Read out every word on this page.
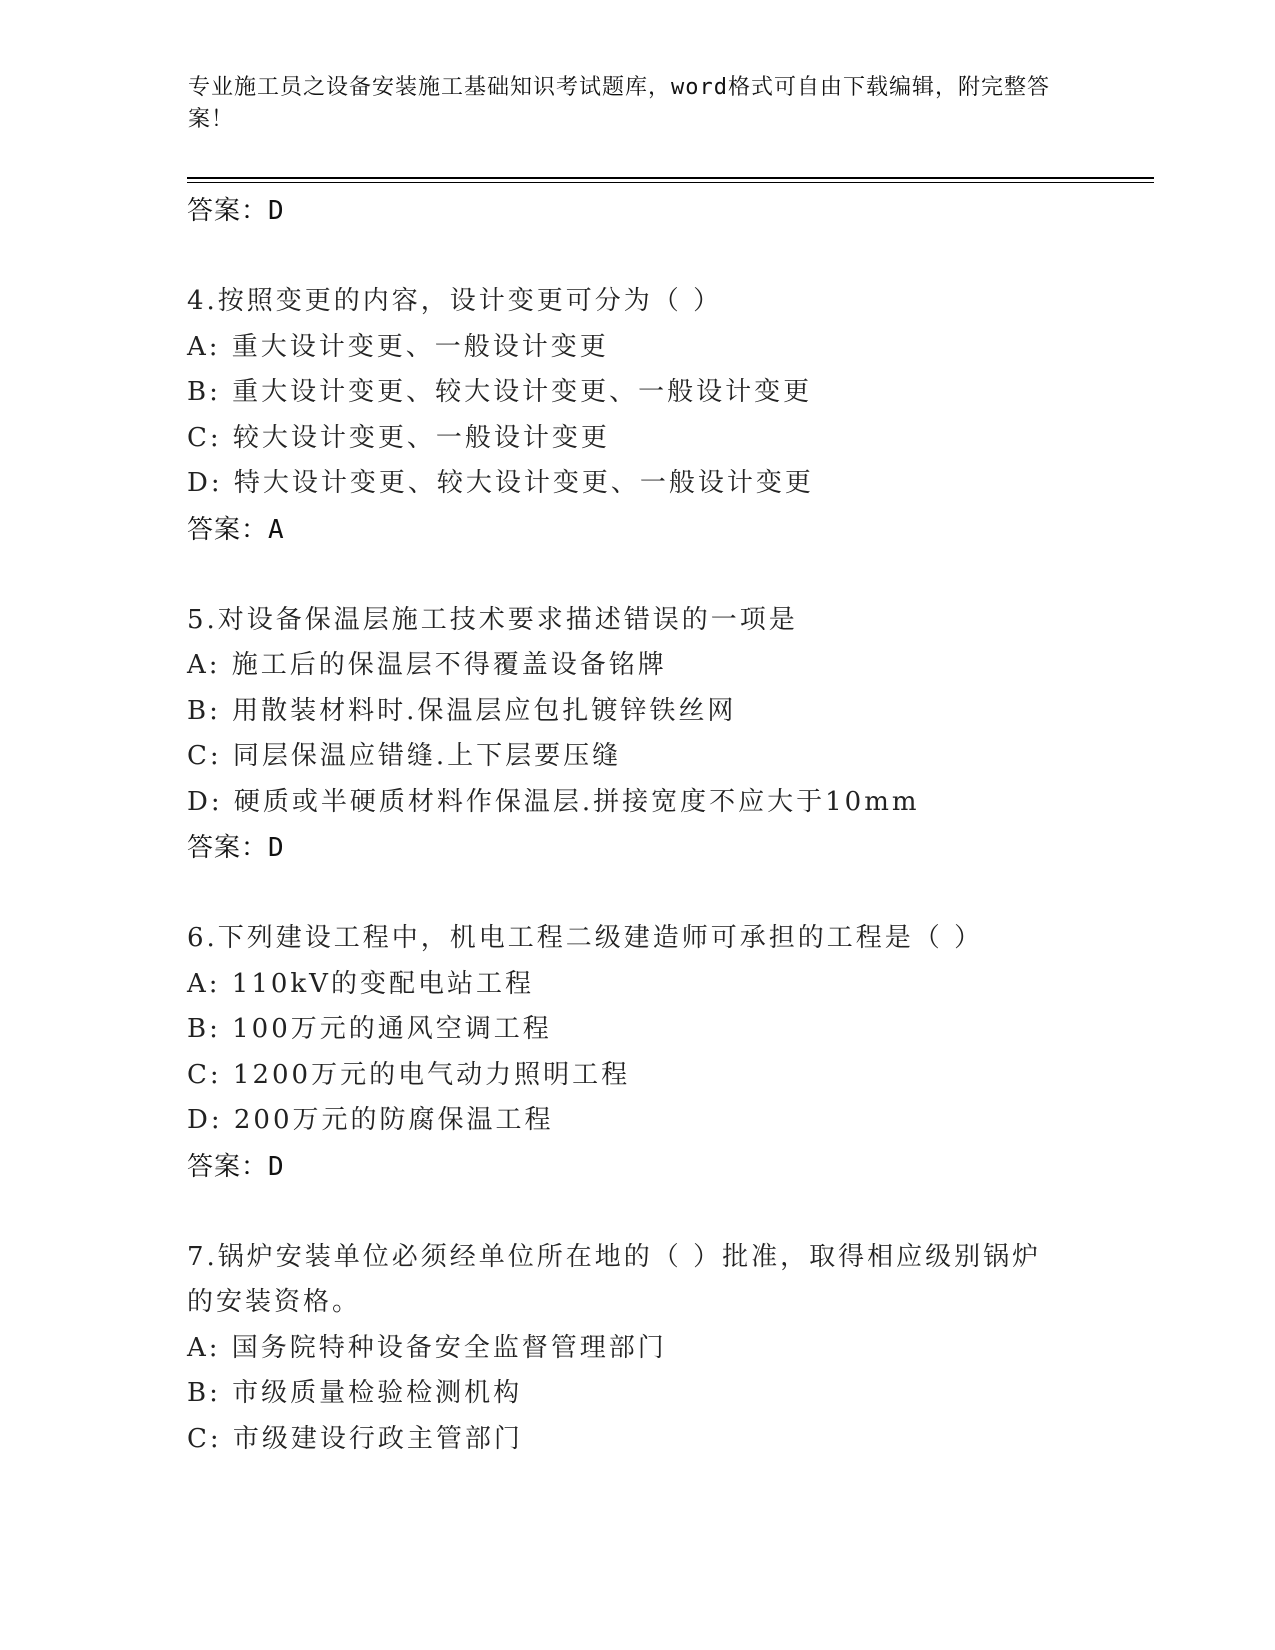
专业施工员之设备安装施工基础知识考试题库，word格式可自由下载编辑，附完整答案！
答案：D
4.按照变更的内容，设计变更可分为（ ）
A: 重大设计变更、一般设计变更
B: 重大设计变更、较大设计变更、一般设计变更
C: 较大设计变更、一般设计变更
D: 特大设计变更、较大设计变更、一般设计变更
答案：A
5.对设备保温层施工技术要求描述错误的一项是
A: 施工后的保温层不得覆盖设备铭牌
B: 用散装材料时.保温层应包扎镀锌铁丝网
C: 同层保温应错缝.上下层要压缝
D: 硬质或半硬质材料作保温层.拼接宽度不应大于10mm
答案：D
6.下列建设工程中，机电工程二级建造师可承担的工程是（ ）
A: 110kV的变配电站工程
B: 100万元的通风空调工程
C: 1200万元的电气动力照明工程
D: 200万元的防腐保温工程
答案：D
7.锅炉安装单位必须经单位所在地的（ ）批准，取得相应级别锅炉的安装资格。
A: 国务院特种设备安全监督管理部门
B: 市级质量检验检测机构
C: 市级建设行政主管部门
